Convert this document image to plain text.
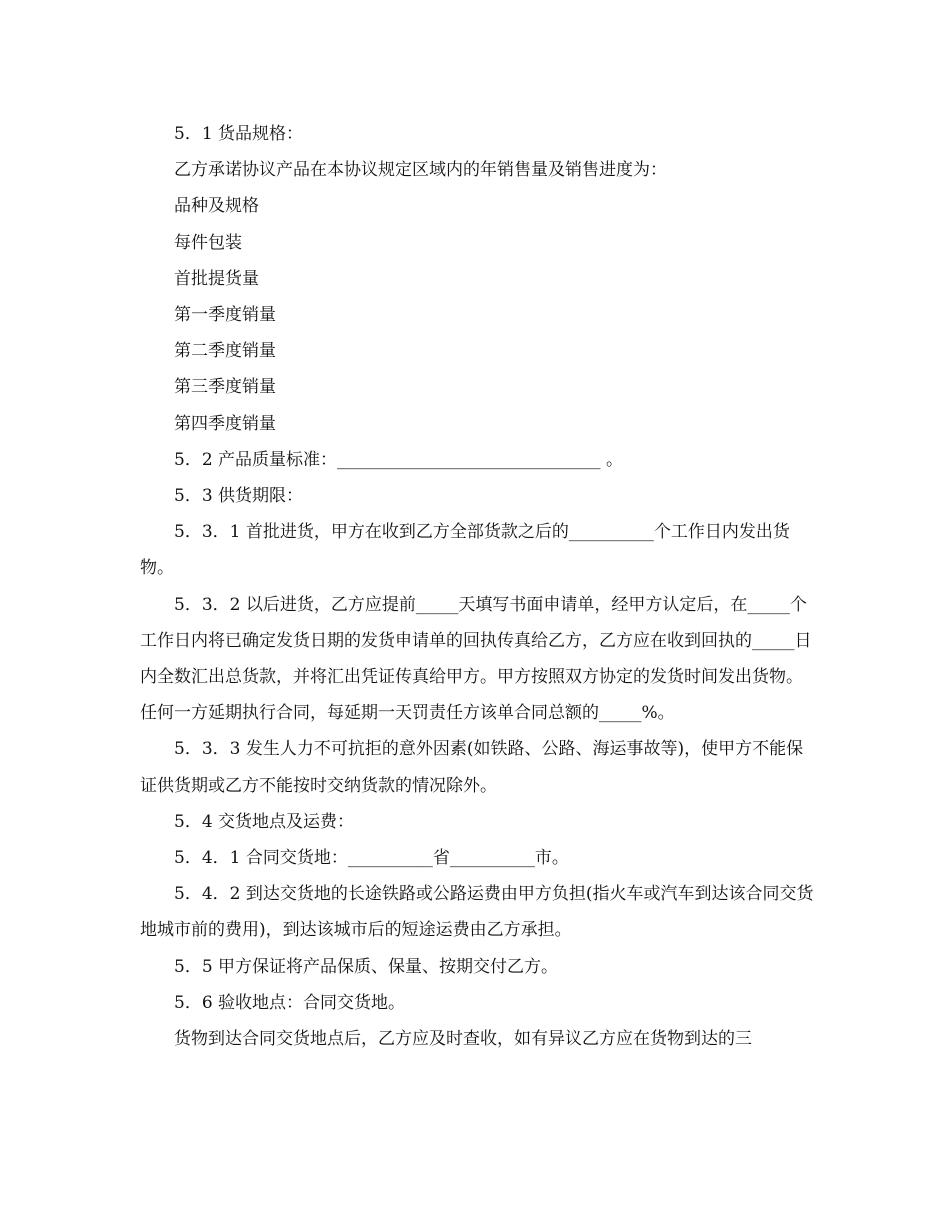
5．1 货品规格：

乙方承诺协议产品在本协议规定区域内的年销售量及销售进度为：

品种及规格

每件包装

首批提货量

第一季度销量

第二季度销量

第三季度销量

第四季度销量

5．2 产品质量标准：_______________________________ 。

5．3 供货期限：

5．3．1 首批进货，甲方在收到乙方全部货款之后的__________个工作日内发出货物。

5．3．2 以后进货，乙方应提前_____天填写书面申请单，经甲方认定后，在_____个工作日内将已确定发货日期的发货申请单的回执传真给乙方，乙方应在收到回执的_____日内全数汇出总货款，并将汇出凭证传真给甲方。甲方按照双方协定的发货时间发出货物。任何一方延期执行合同，每延期一天罚责任方该单合同总额的_____%。

5．3．3 发生人力不可抗拒的意外因素(如铁路、公路、海运事故等)，使甲方不能保证供货期或乙方不能按时交纳货款的情况除外。

5．4 交货地点及运费：

5．4．1 合同交货地：__________省__________市。

5．4．2 到达交货地的长途铁路或公路运费由甲方负担(指火车或汽车到达该合同交货地城市前的费用)，到达该城市后的短途运费由乙方承担。

5．5 甲方保证将产品保质、保量、按期交付乙方。

5．6 验收地点：合同交货地。

货物到达合同交货地点后，乙方应及时查收，如有异议乙方应在货物到达的三
